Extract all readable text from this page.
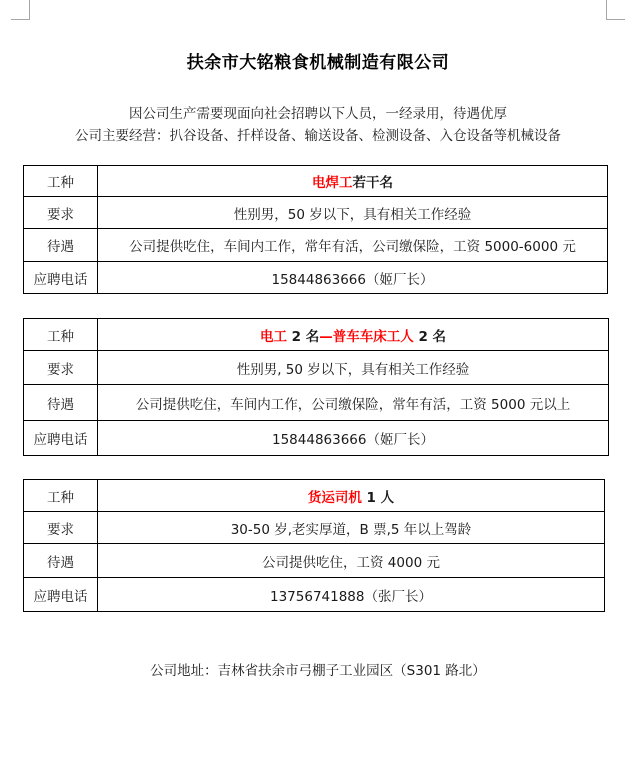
扶余市大铭粮食机械制造有限公司
因公司生产需要现面向社会招聘以下人员，一经录用，待遇优厚
公司主要经营：扒谷设备、扦样设备、输送设备、检测设备、入仓设备等机械设备
工种	电焊工若干名
要求	性别男，50 岁以下，具有相关工作经验
待遇	公司提供吃住，车间内工作，常年有活，公司缴保险，工资 5000-6000 元
应聘电话	15844863666（姬厂长）
工种	电工 2 名—普车车床工人 2 名
要求	性别男, 50 岁以下，具有相关工作经验
待遇	公司提供吃住，车间内工作，公司缴保险，常年有活，工资 5000 元以上
应聘电话	15844863666（姬厂长）
工种	货运司机 1 人
要求	30-50 岁,老实厚道，B 票,5 年以上驾龄
待遇	公司提供吃住，工资 4000 元
应聘电话	13756741888（张厂长）
公司地址：吉林省扶余市弓棚子工业园区（S301 路北）
